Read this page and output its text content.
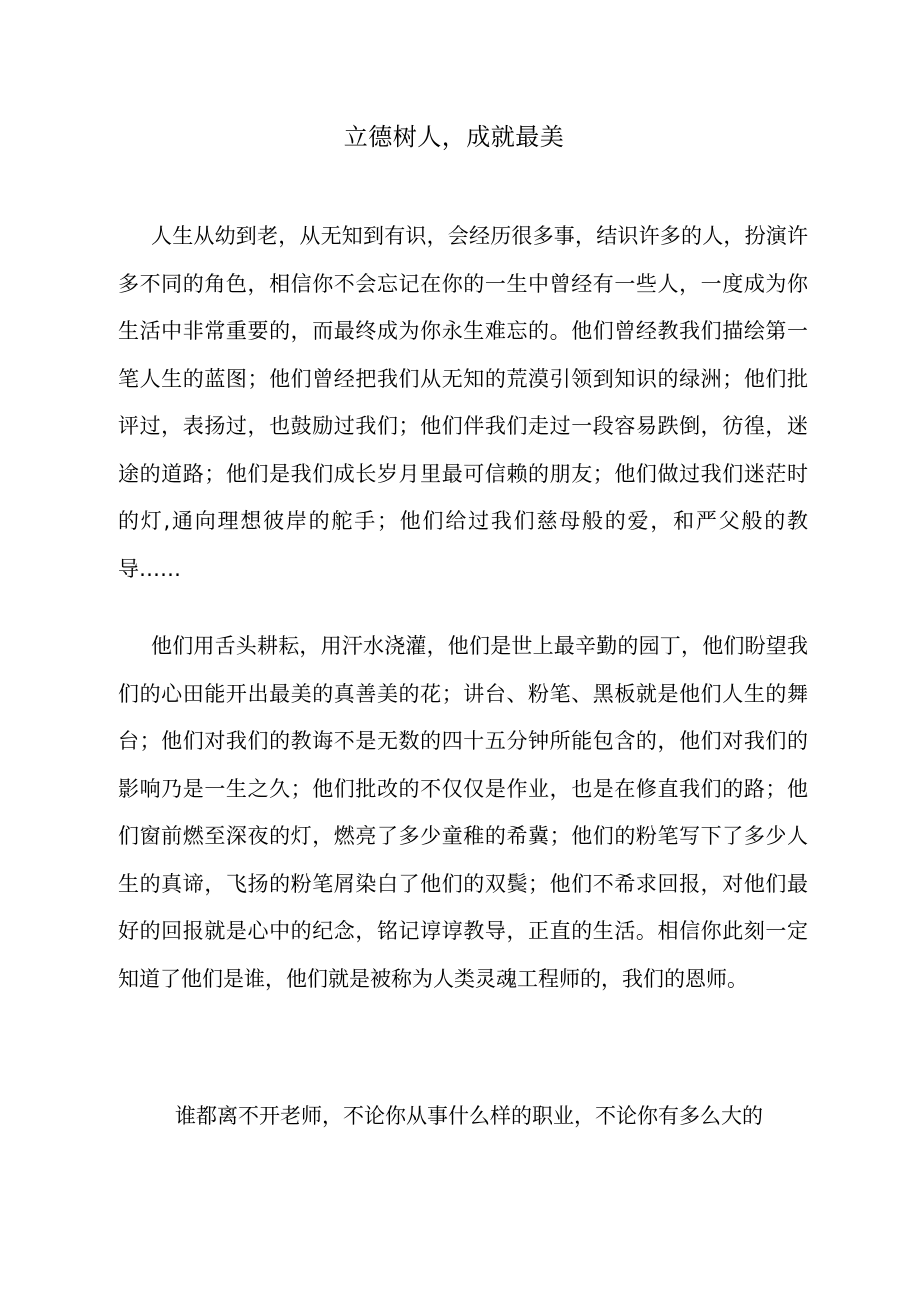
立德树人，成就最美

人生从幼到老，从无知到有识，会经历很多事，结识许多的人，扮演许多不同的角色，相信你不会忘记在你的一生中曾经有一些人，一度成为你生活中非常重要的，而最终成为你永生难忘的。他们曾经教我们描绘第一笔人生的蓝图；他们曾经把我们从无知的荒漠引领到知识的绿洲；他们批评过，表扬过，也鼓励过我们；他们伴我们走过一段容易跌倒，彷徨，迷途的道路；他们是我们成长岁月里最可信赖的朋友；他们做过我们迷茫时的灯,通向理想彼岸的舵手；他们给过我们慈母般的爱，和严父般的教导……

他们用舌头耕耘，用汗水浇灌，他们是世上最辛勤的园丁，他们盼望我们的心田能开出最美的真善美的花；讲台、粉笔、黑板就是他们人生的舞台；他们对我们的教诲不是无数的四十五分钟所能包含的，他们对我们的影响乃是一生之久；他们批改的不仅仅是作业，也是在修直我们的路；他们窗前燃至深夜的灯，燃亮了多少童稚的希冀；他们的粉笔写下了多少人生的真谛，飞扬的粉笔屑染白了他们的双鬓；他们不希求回报，对他们最好的回报就是心中的纪念，铭记谆谆教导，正直的生活。相信你此刻一定知道了他们是谁，他们就是被称为人类灵魂工程师的，我们的恩师。

谁都离不开老师，不论你从事什么样的职业，不论你有多么大的
